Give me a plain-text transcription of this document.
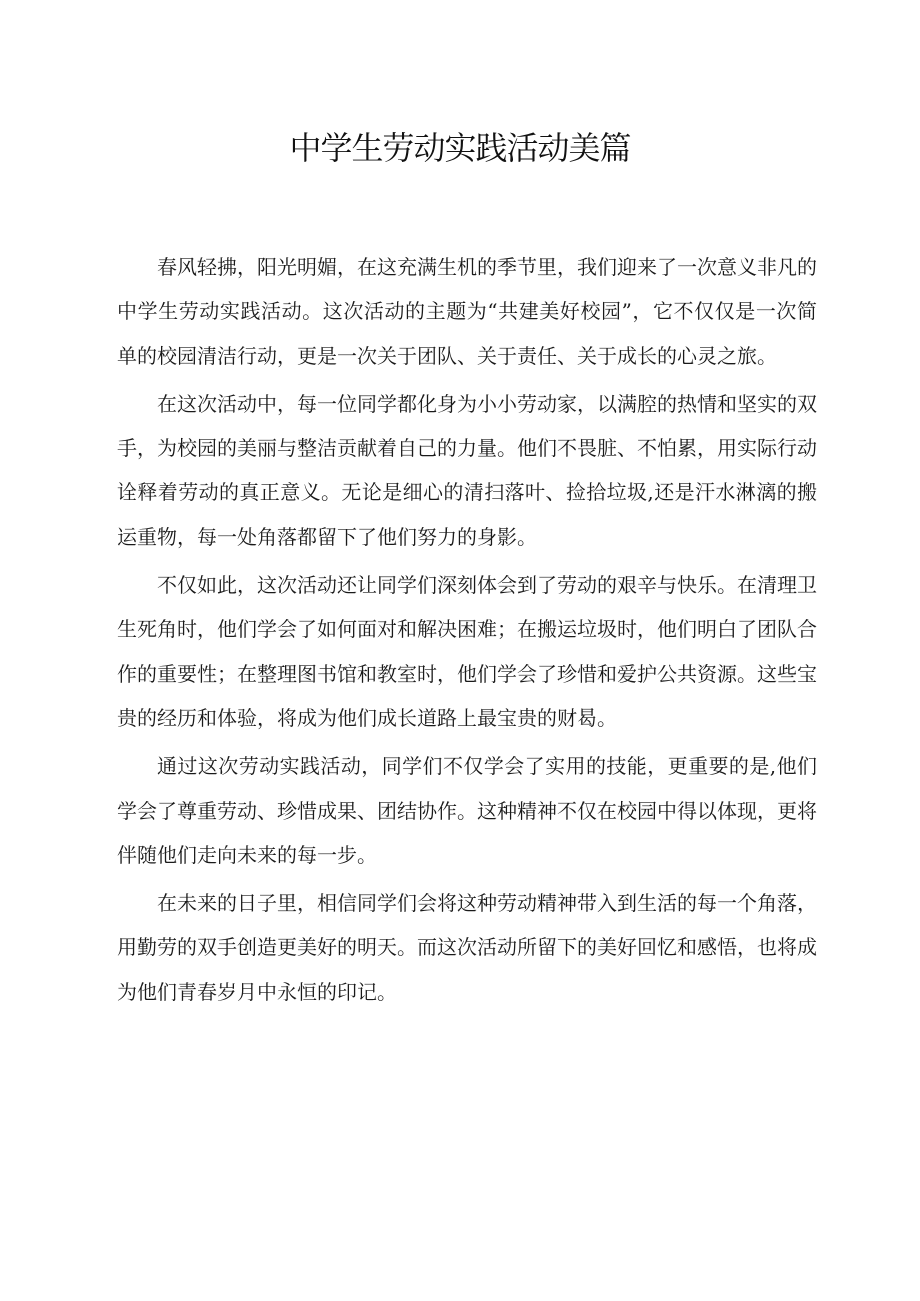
中学生劳动实践活动美篇

春风轻拂，阳光明媚，在这充满生机的季节里，我们迎来了一次意义非凡的中学生劳动实践活动。这次活动的主题为“共建美好校园”，它不仅仅是一次简单的校园清洁行动，更是一次关于团队、关于责任、关于成长的心灵之旅。

在这次活动中，每一位同学都化身为小小劳动家，以满腔的热情和坚实的双手，为校园的美丽与整洁贡献着自己的力量。他们不畏脏、不怕累，用实际行动诠释着劳动的真正意义。无论是细心的清扫落叶、捡拾垃圾,还是汗水淋漓的搬运重物，每一处角落都留下了他们努力的身影。

不仅如此，这次活动还让同学们深刻体会到了劳动的艰辛与快乐。在清理卫生死角时，他们学会了如何面对和解决困难；在搬运垃圾时，他们明白了团队合作的重要性；在整理图书馆和教室时，他们学会了珍惜和爱护公共资源。这些宝贵的经历和体验，将成为他们成长道路上最宝贵的财曷。

通过这次劳动实践活动，同学们不仅学会了实用的技能，更重要的是,他们学会了尊重劳动、珍惜成果、团结协作。这种精神不仅在校园中得以体现，更将伴随他们走向未来的每一步。

在未来的日子里，相信同学们会将这种劳动精神带入到生活的每一个角落，用勤劳的双手创造更美好的明天。而这次活动所留下的美好回忆和感悟，也将成为他们青春岁月中永恒的印记。
